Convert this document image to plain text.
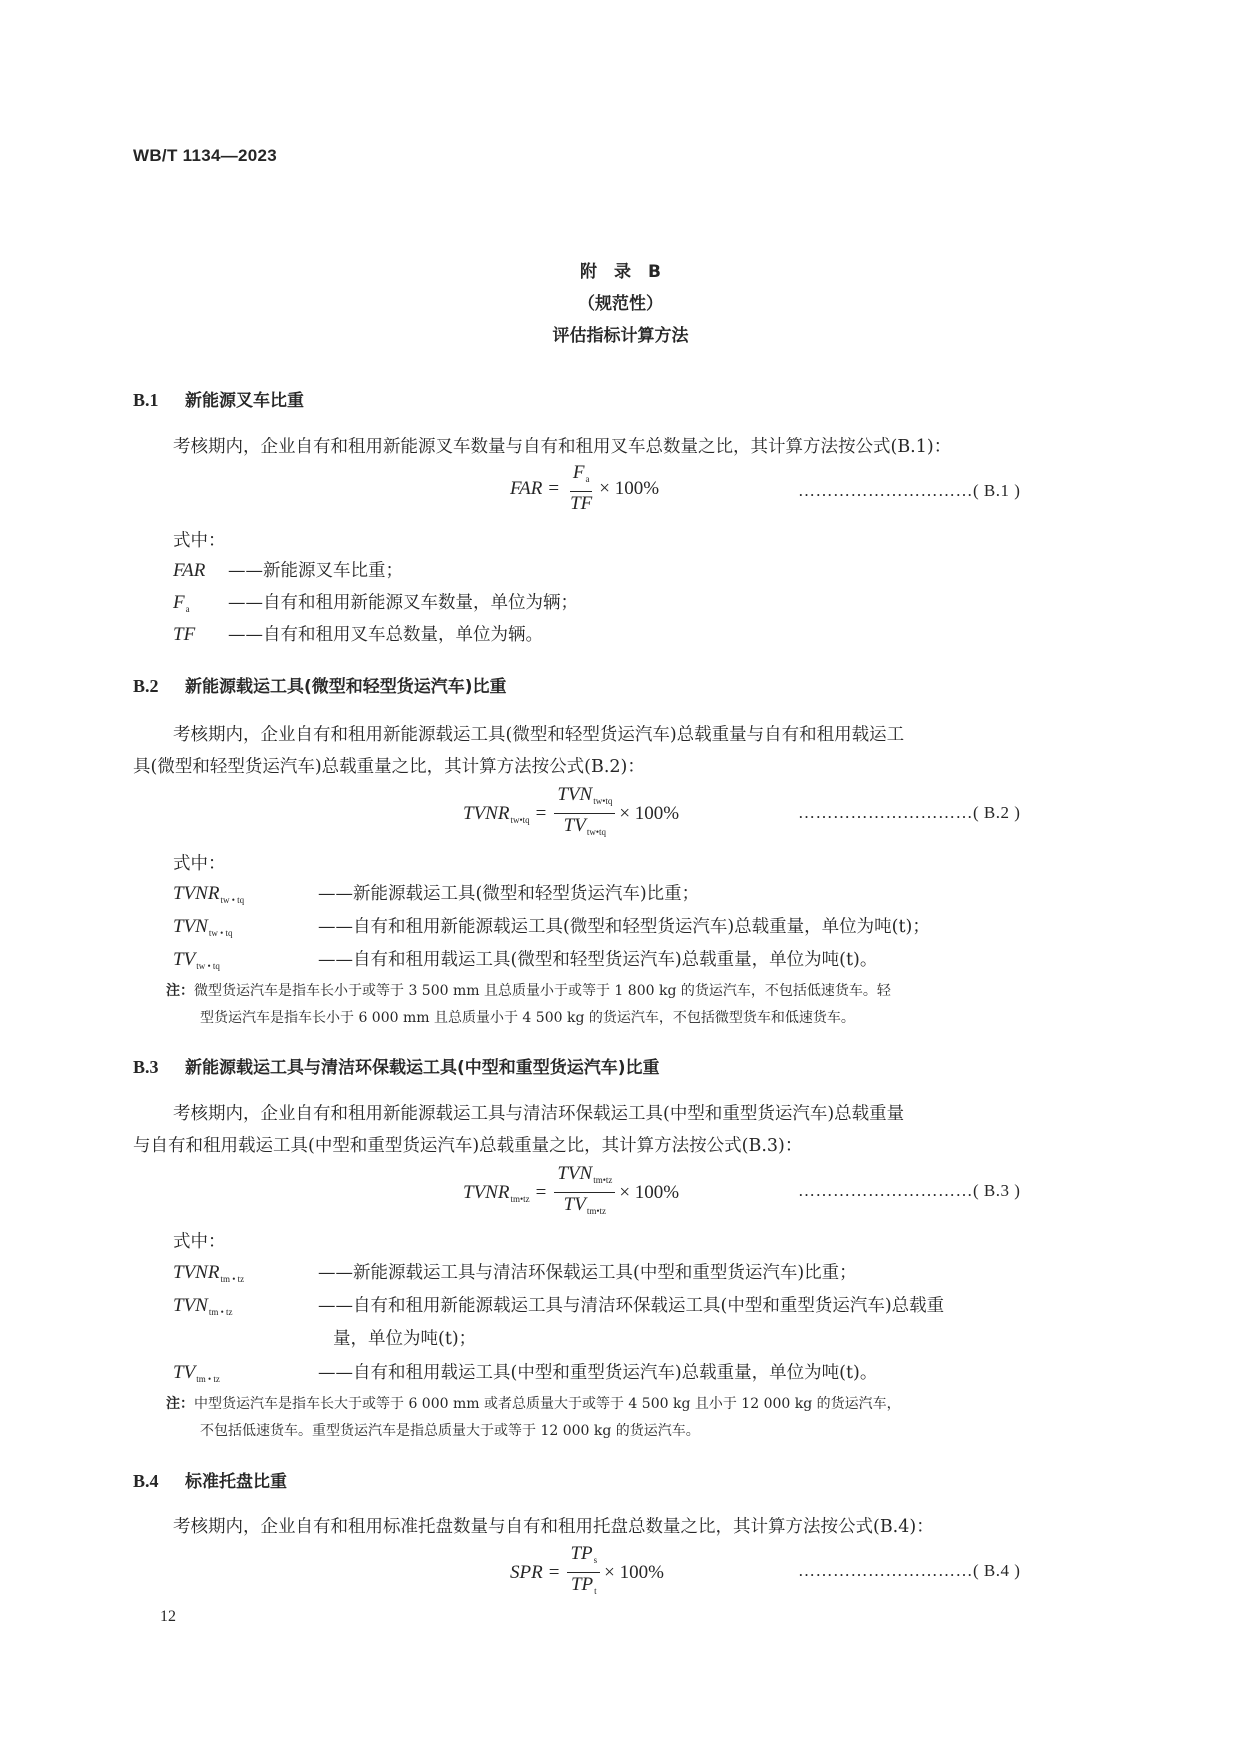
WB/T 1134—2023
附　录　B
（规范性）
评估指标计算方法
B.1 新能源叉车比重
考核期内，企业自有和租用新能源叉车数量与自有和租用叉车总数量之比，其计算方法按公式(B.1)：
FAR = $\frac{F_a}{TF} \times 100\%$	…………………………( B.1 )
式中：
FAR ——新能源叉车比重；
$F_a$ ——自有和租用新能源叉车数量，单位为辆；
TF ——自有和租用叉车总数量，单位为辆。
B.2 新能源载运工具(微型和轻型货运汽车)比重
考核期内，企业自有和租用新能源载运工具(微型和轻型货运汽车)总载重量与自有和租用载运工
具(微型和轻型货运汽车)总载重量之比，其计算方法按公式(B.2)：
$TVNR_{tw•tq} = \frac{TVN_{tw•tq}}{TV_{tw•tq}} \times 100\%$	…………………………( B.2 )
式中：
$TVNR_{tw • tq}$	——新能源载运工具(微型和轻型货运汽车)比重；
$TVN_{tw • tq}$	——自有和租用新能源载运工具(微型和轻型货运汽车)总载重量，单位为吨(t)；
$TV_{tw • tq}$	——自有和租用载运工具(微型和轻型货运汽车)总载重量，单位为吨(t)。
注：微型货运汽车是指车长小于或等于 3 500 mm 且总质量小于或等于 1 800 kg 的货运汽车，不包括低速货车。轻
型货运汽车是指车长小于 6 000 mm 且总质量小于 4 500 kg 的货运汽车，不包括微型货车和低速货车。
B.3 新能源载运工具与清洁环保载运工具(中型和重型货运汽车)比重
考核期内，企业自有和租用新能源载运工具与清洁环保载运工具(中型和重型货运汽车)总载重量
与自有和租用载运工具(中型和重型货运汽车)总载重量之比，其计算方法按公式(B.3)：
$TVNR_{tm•tz} = \frac{TVN_{tm•tz}}{TV_{tm•tz}} \times 100\%$	…………………………( B.3 )
式中：
$TVNR_{tm • tz}$	——新能源载运工具与清洁环保载运工具(中型和重型货运汽车)比重；
$TVN_{tm • tz}$	——自有和租用新能源载运工具与清洁环保载运工具(中型和重型货运汽车)总载重
量，单位为吨(t)；
$TV_{tm • tz}$	——自有和租用载运工具(中型和重型货运汽车)总载重量，单位为吨(t)。
注：中型货运汽车是指车长大于或等于 6 000 mm 或者总质量大于或等于 4 500 kg 且小于 12 000 kg 的货运汽车，
不包括低速货车。重型货运汽车是指总质量大于或等于 12 000 kg 的货运汽车。
B.4 标准托盘比重
考核期内，企业自有和租用标准托盘数量与自有和租用托盘总数量之比，其计算方法按公式(B.4)：
SPR = $\frac{TP_s}{TP_t} \times 100\%$	…………………………( B.4 )
12
